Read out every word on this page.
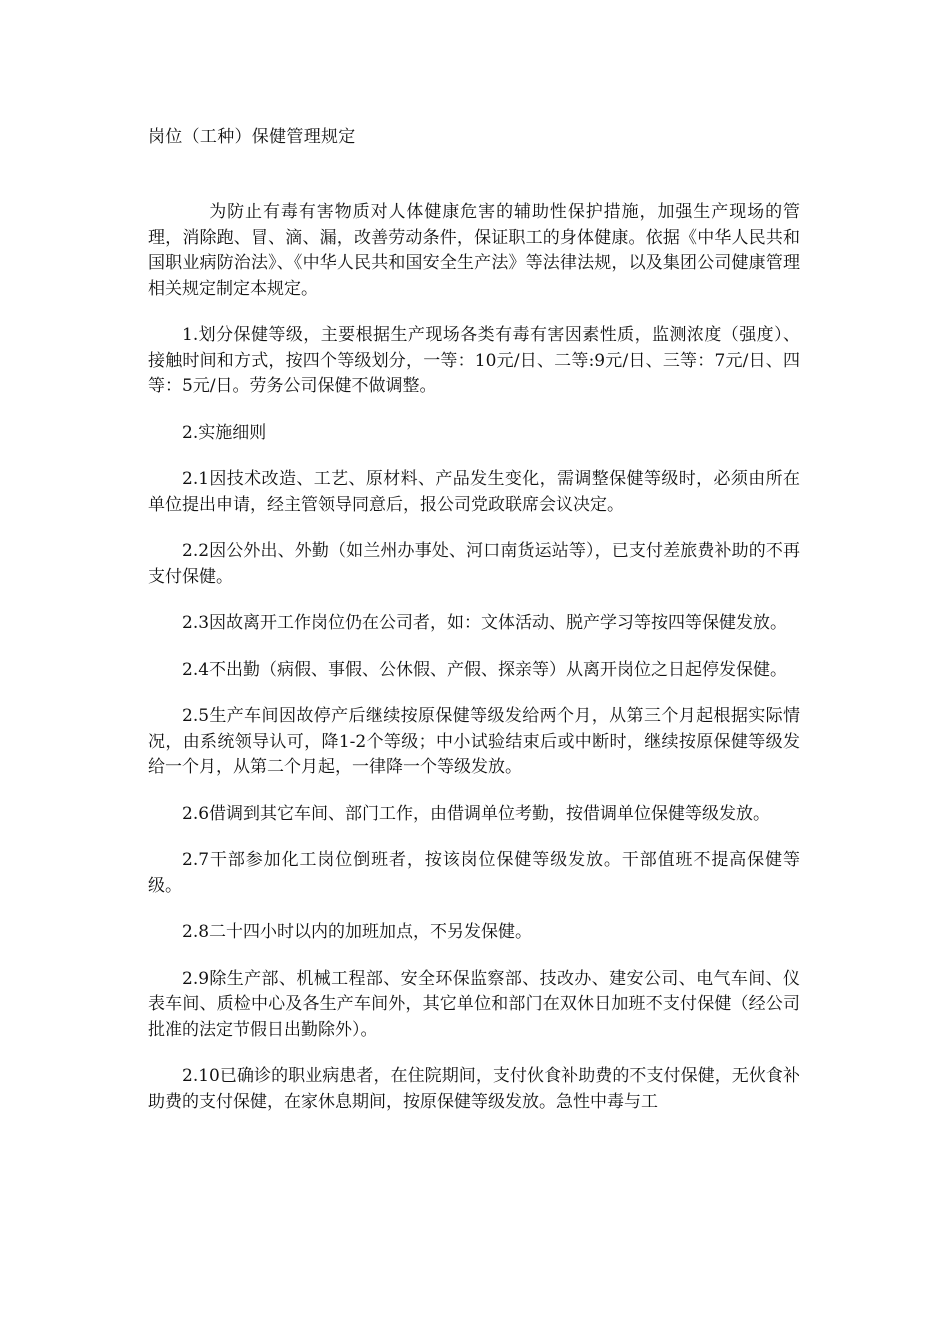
岗位（工种）保健管理规定

为防止有毒有害物质对人体健康危害的辅助性保护措施，加强生产现场的管理，消除跑、冒、滴、漏，改善劳动条件，保证职工的身体健康。依据《中华人民共和国职业病防治法》、《中华人民共和国安全生产法》等法律法规，以及集团公司健康管理相关规定制定本规定。

1.划分保健等级，主要根据生产现场各类有毒有害因素性质，监测浓度（强度）、接触时间和方式，按四个等级划分，一等：10元/日、二等:9元/日、三等：7元/日、四等：5元/日。劳务公司保健不做调整。

2.实施细则

2.1因技术改造、工艺、原材料、产品发生变化，需调整保健等级时，必须由所在单位提出申请，经主管领导同意后，报公司党政联席会议决定。

2.2因公外出、外勤（如兰州办事处、河口南货运站等），已支付差旅费补助的不再支付保健。

2.3因故离开工作岗位仍在公司者，如：文体活动、脱产学习等按四等保健发放。

2.4不出勤（病假、事假、公休假、产假、探亲等）从离开岗位之日起停发保健。

2.5生产车间因故停产后继续按原保健等级发给两个月，从第三个月起根据实际情况，由系统领导认可，降1-2个等级；中小试验结束后或中断时，继续按原保健等级发给一个月，从第二个月起，一律降一个等级发放。

2.6借调到其它车间、部门工作，由借调单位考勤，按借调单位保健等级发放。

2.7干部参加化工岗位倒班者，按该岗位保健等级发放。干部值班不提高保健等级。

2.8二十四小时以内的加班加点，不另发保健。

2.9除生产部、机械工程部、安全环保监察部、技改办、建安公司、电气车间、仪表车间、质检中心及各生产车间外，其它单位和部门在双休日加班不支付保健（经公司批准的法定节假日出勤除外）。

2.10已确诊的职业病患者，在住院期间，支付伙食补助费的不支付保健，无伙食补助费的支付保健，在家休息期间，按原保健等级发放。急性中毒与工
